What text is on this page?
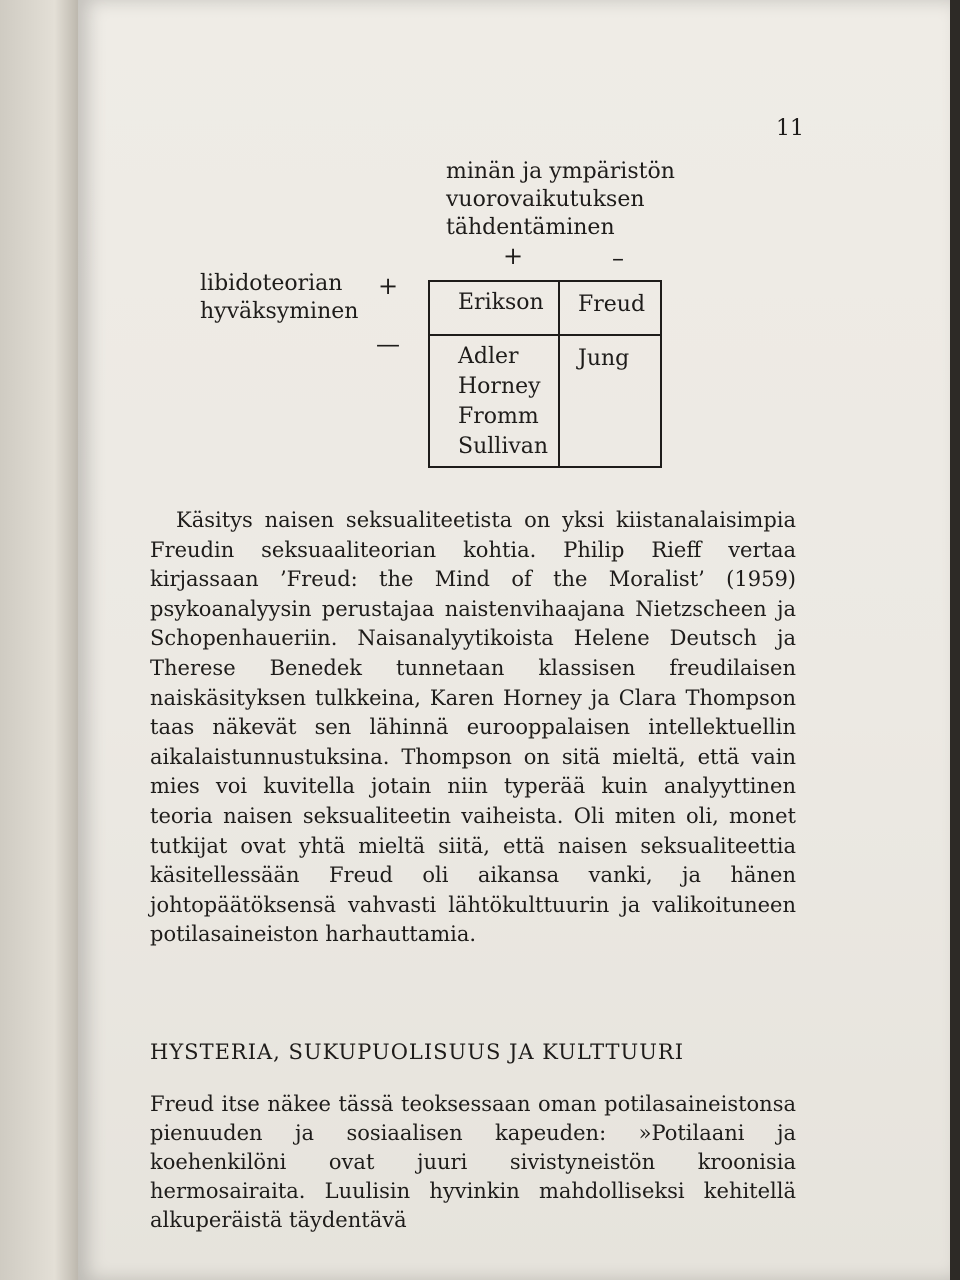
11
minän ja ympäristön
vuorovaikutuksen
tähdentäminen
+	–
libidoteorian
hyväksyminen
+
—
Erikson Freud
Adler
Horney
Fromm
Sullivan
Jung

Käsitys naisen seksualiteetista on yksi kiistanalaisimpia Freudin seksuaaliteorian kohtia. Philip Rieff vertaa kirjassaan ’Freud: the Mind of the Moralist’ (1959) psykoanalyysin perustajaa naistenvihaajana Nietzscheen ja Schopenhaueriin. Naisanalyytikoista Helene Deutsch ja Therese Benedek tunnetaan klassisen freudilaisen naiskäsityksen tulkkeina, Karen Horney ja Clara Thompson taas näkevät sen lähinnä eurooppalaisen intellektuellin aikalaistunnustuksina. Thompson on sitä mieltä, että vain mies voi kuvitella jotain niin typerää kuin analyyttinen teoria naisen seksualiteetin vaiheista. Oli miten oli, monet tutkijat ovat yhtä mieltä siitä, että naisen seksualiteettia käsitellessään Freud oli aikansa vanki, ja hänen johtopäätöksensä vahvasti lähtökulttuurin ja valikoituneen potilasaineiston harhauttamia.

HYSTERIA, SUKUPUOLISUUS JA KULTTUURI

Freud itse näkee tässä teoksessaan oman potilasaineistonsa pienuuden ja sosiaalisen kapeuden: »Potilaani ja koehenkilöni ovat juuri sivistyneistön kroonisia hermosairaita. Luulisin hyvinkin mahdolliseksi kehitellä alkuperäistä täydentävä
